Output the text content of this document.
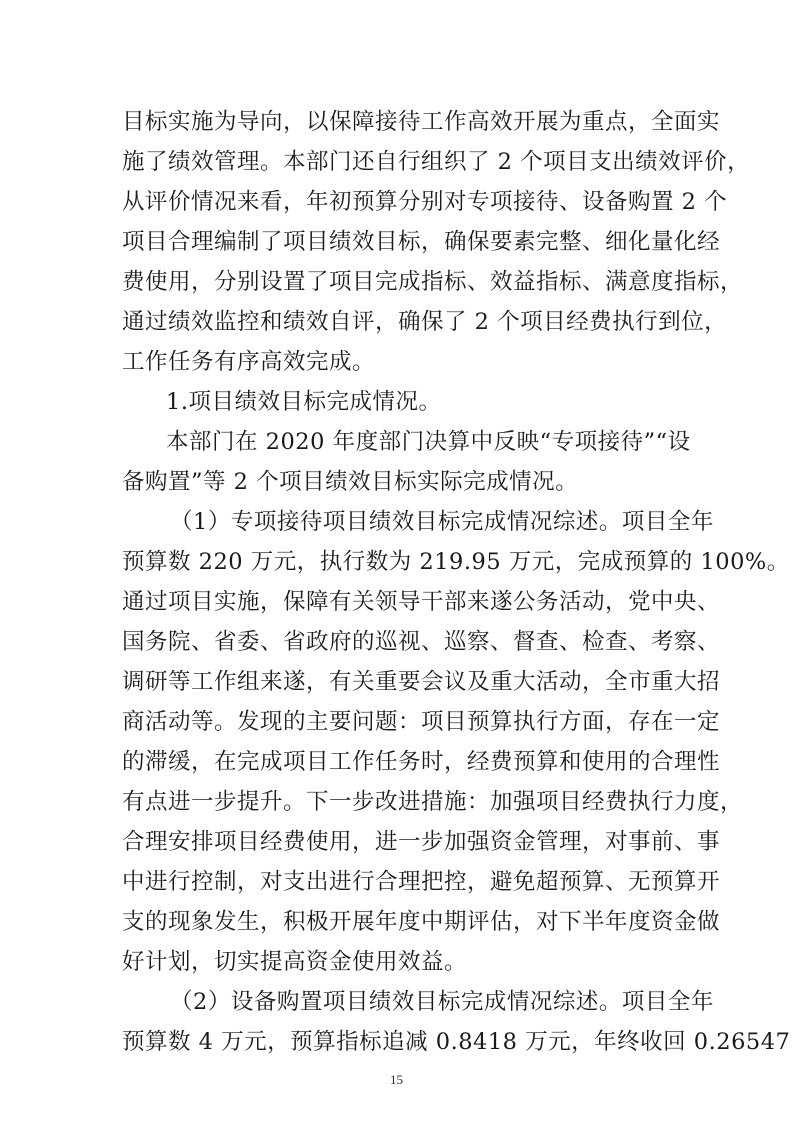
目标实施为导向，以保障接待工作高效开展为重点，全面实
施了绩效管理。本部门还自行组织了 2 个项目支出绩效评价，
从评价情况来看，年初预算分别对专项接待、设备购置 2 个
项目合理编制了项目绩效目标，确保要素完整、细化量化经
费使用，分别设置了项目完成指标、效益指标、满意度指标，
通过绩效监控和绩效自评，确保了 2 个项目经费执行到位，
工作任务有序高效完成。
1.项目绩效目标完成情况。
本部门在 2020 年度部门决算中反映“专项接待”“设
备购置”等 2 个项目绩效目标实际完成情况。
（1）专项接待项目绩效目标完成情况综述。项目全年
预算数 220 万元，执行数为 219.95 万元，完成预算的 100%。
通过项目实施，保障有关领导干部来遂公务活动，党中央、
国务院、省委、省政府的巡视、巡察、督查、检查、考察、
调研等工作组来遂，有关重要会议及重大活动，全市重大招
商活动等。发现的主要问题：项目预算执行方面，存在一定
的滞缓，在完成项目工作任务时，经费预算和使用的合理性
有点进一步提升。下一步改进措施：加强项目经费执行力度，
合理安排项目经费使用，进一步加强资金管理，对事前、事
中进行控制，对支出进行合理把控，避免超预算、无预算开
支的现象发生，积极开展年度中期评估，对下半年度资金做
好计划，切实提高资金使用效益。
（2）设备购置项目绩效目标完成情况综述。项目全年
预算数 4 万元，预算指标追减 0.8418 万元，年终收回 0.26547
15
